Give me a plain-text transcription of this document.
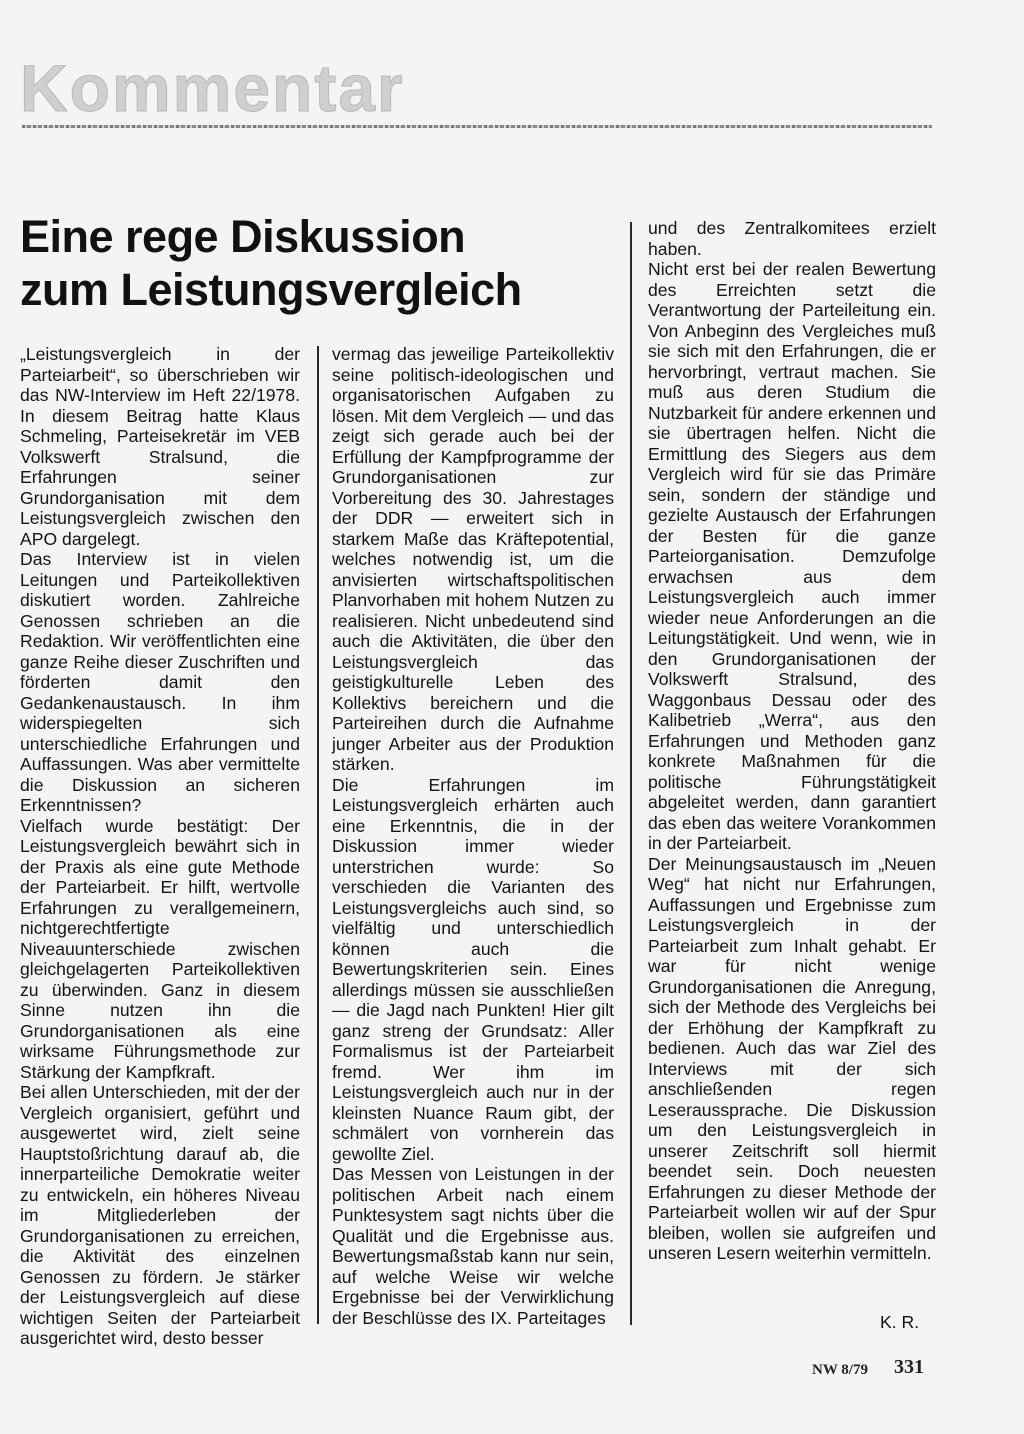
Kommentar
Eine rege Diskussion
zum Leistungsvergleich

„Leistungsvergleich in der Parteiarbeit“, so überschrieben wir das NW-Interview im Heft 22/1978. In diesem Beitrag hatte Klaus Schmeling, Parteisekretär im VEB Volkswerft Stralsund, die Erfahrungen seiner Grundorganisation mit dem Leistungsvergleich zwischen den APO dargelegt.

Das Interview ist in vielen Leitungen und Parteikollektiven diskutiert worden. Zahlreiche Genossen schrieben an die Redaktion. Wir veröffentlichten eine ganze Reihe dieser Zuschriften und förderten damit den Gedankenaustausch. In ihm widerspiegelten sich unterschiedliche Erfahrungen und Auffassungen. Was aber vermittelte die Diskussion an sicheren Erkenntnissen?

Vielfach wurde bestätigt: Der Leistungsvergleich bewährt sich in der Praxis als eine gute Methode der Parteiarbeit. Er hilft, wertvolle Erfahrungen zu verallgemeinern, nichtgerechtfertigte Niveauunterschiede zwischen gleichgelagerten Parteikollektiven zu überwinden. Ganz in diesem Sinne nutzen ihn die Grundorganisationen als eine wirksame Führungsmethode zur Stärkung der Kampfkraft.

Bei allen Unterschieden, mit der der Vergleich organisiert, geführt und ausgewertet wird, zielt seine Hauptstoßrichtung darauf ab, die innerparteiliche Demokratie weiter zu entwickeln, ein höheres Niveau im Mitgliederleben der Grundorganisationen zu erreichen, die Aktivität des einzelnen Genossen zu fördern. Je stärker der Leistungsvergleich auf diese wichtigen Seiten der Parteiarbeit ausgerichtet wird, desto besser

vermag das jeweilige Parteikollektiv seine politisch-ideologischen und organisatorischen Aufgaben zu lösen. Mit dem Vergleich — und das zeigt sich gerade auch bei der Erfüllung der Kampfprogramme der Grundorganisationen zur Vorbereitung des 30. Jahrestages der DDR — erweitert sich in starkem Maße das Kräftepotential, welches notwendig ist, um die anvisierten wirtschaftspolitischen Planvorhaben mit hohem Nutzen zu realisieren. Nicht unbedeutend sind auch die Aktivitäten, die über den Leistungsvergleich das geistigkulturelle Leben des Kollektivs bereichern und die Parteireihen durch die Aufnahme junger Arbeiter aus der Produktion stärken.

Die Erfahrungen im Leistungsvergleich erhärten auch eine Erkenntnis, die in der Diskussion immer wieder unterstrichen wurde: So verschieden die Varianten des Leistungsvergleichs auch sind, so vielfältig und unterschiedlich können auch die Bewertungskriterien sein. Eines allerdings müssen sie ausschließen — die Jagd nach Punkten! Hier gilt ganz streng der Grundsatz: Aller Formalismus ist der Parteiarbeit fremd. Wer ihm im Leistungsvergleich auch nur in der kleinsten Nuance Raum gibt, der schmälert von vornherein das gewollte Ziel.

Das Messen von Leistungen in der politischen Arbeit nach einem Punktesystem sagt nichts über die Qualität und die Ergebnisse aus. Bewertungsmaßstab kann nur sein, auf welche Weise wir welche Ergebnisse bei der Verwirklichung der Beschlüsse des IX. Parteitages

und des Zentralkomitees erzielt haben.

Nicht erst bei der realen Bewertung des Erreichten setzt die Verantwortung der Parteileitung ein. Von Anbeginn des Vergleiches muß sie sich mit den Erfahrungen, die er hervorbringt, vertraut machen. Sie muß aus deren Studium die Nutzbarkeit für andere erkennen und sie übertragen helfen. Nicht die Ermittlung des Siegers aus dem Vergleich wird für sie das Primäre sein, sondern der ständige und gezielte Austausch der Erfahrungen der Besten für die ganze Parteiorganisation. Demzufolge erwachsen aus dem Leistungsvergleich auch immer wieder neue Anforderungen an die Leitungstätigkeit. Und wenn, wie in den Grundorganisationen der Volkswerft Stralsund, des Waggonbaus Dessau oder des Kalibetrieb „Werra“, aus den Erfahrungen und Methoden ganz konkrete Maßnahmen für die politische Führungstätigkeit abgeleitet werden, dann garantiert das eben das weitere Vorankommen in der Parteiarbeit.

Der Meinungsaustausch im „Neuen Weg“ hat nicht nur Erfahrungen, Auffassungen und Ergebnisse zum Leistungsvergleich in der Parteiarbeit zum Inhalt gehabt. Er war für nicht wenige Grundorganisationen die Anregung, sich der Methode des Vergleichs bei der Erhöhung der Kampfkraft zu bedienen. Auch das war Ziel des Interviews mit der sich anschließenden regen Leseraussprache. Die Diskussion um den Leistungsvergleich in unserer Zeitschrift soll hiermit beendet sein. Doch neuesten Erfahrungen zu dieser Methode der Parteiarbeit wollen wir auf der Spur bleiben, wollen sie aufgreifen und unseren Lesern weiterhin vermitteln.

K. R.
NW 8/79 331
